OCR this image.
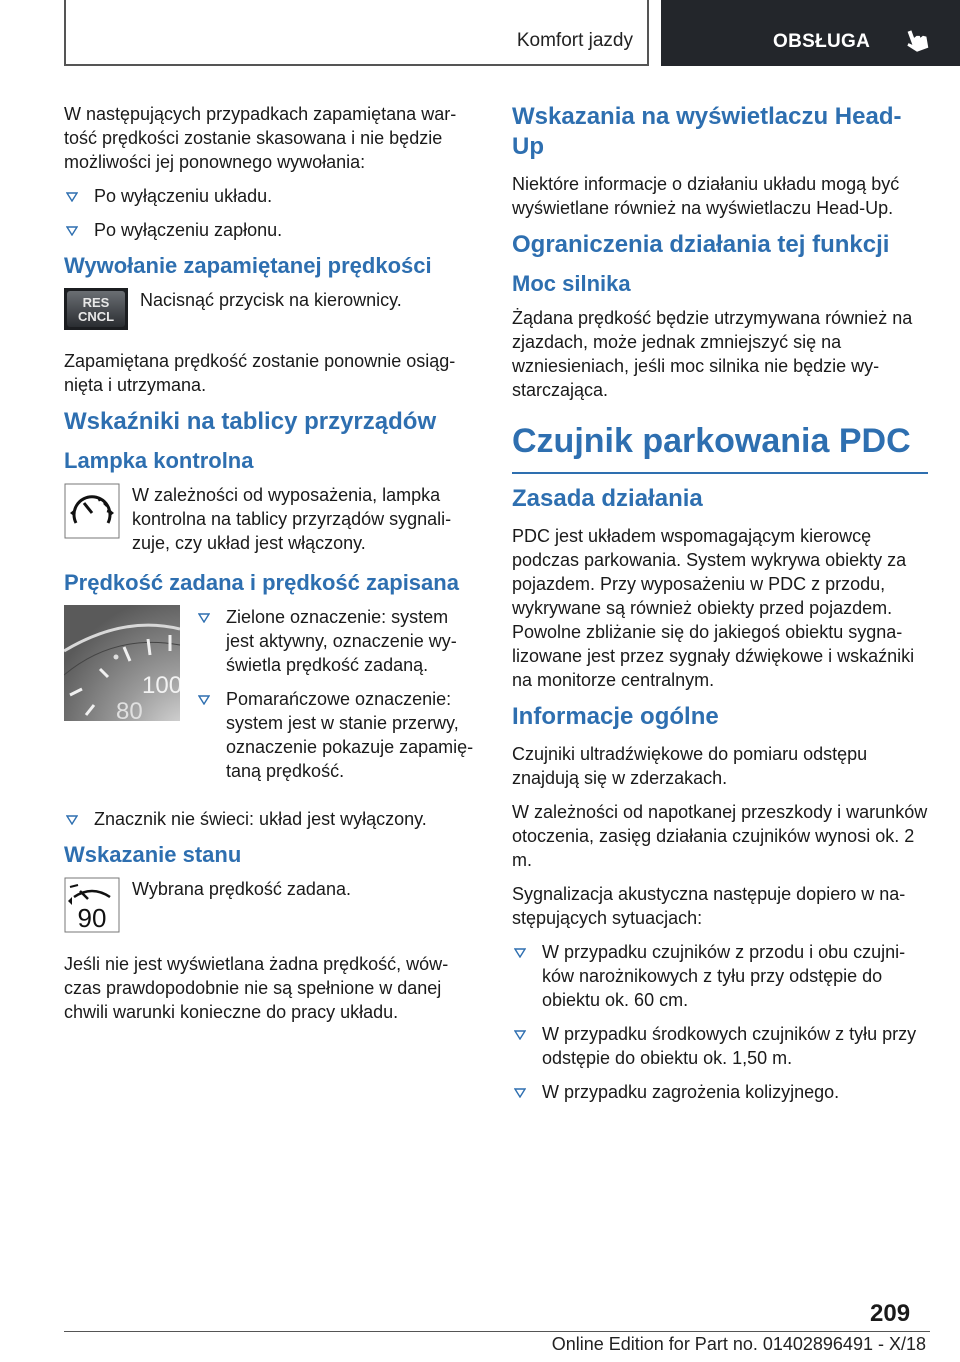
Komfort jazdy	OBSŁUGA

W następujących przypadkach zapamiętana wartość prędkości zostanie skasowana i nie będzie możliwości jej ponownego wywołania:

Po wyłączeniu układu.
Po wyłączeniu zapłonu.
Wywołanie zapamiętanej prędkości
RES
CNCL
Nacisnąć przycisk na kierownicy.

Zapamiętana prędkość zostanie ponownie osiągnięta i utrzymana.

Wskaźniki na tablicy przyrządów
Lampka kontrolna
W zależności od wyposażenia, lampka kontrolna na tablicy przyrządów sygnalizuje, czy układ jest włączony.
Prędkość zadana i prędkość zapisana
100
80
Zielone oznaczenie: system jest aktywny, oznaczenie wyświetla prędkość zadaną.
Pomarańczowe oznaczenie: system jest w stanie przerwy, oznaczenie pokazuje zapamiętaną prędkość.
Znacznik nie świeci: układ jest wyłączony.
Wskazanie stanu
90
Wybrana prędkość zadana.

Jeśli nie jest wyświetlana żadna prędkość, wówczas prawdopodobnie nie są spełnione w danej chwili warunki konieczne do pracy układu.

Wskazania na wyświetlaczu Head-Up

Niektóre informacje o działaniu układu mogą być wyświetlane również na wyświetlaczu Head-Up.

Ograniczenia działania tej funkcji
Moc silnika

Żądana prędkość będzie utrzymywana również na zjazdach, może jednak zmniejszyć się na wzniesieniach, jeśli moc silnika nie będzie wystarczająca.

Czujnik parkowania PDC
Zasada działania

PDC jest układem wspomagającym kierowcę podczas parkowania. System wykrywa obiekty za pojazdem. Przy wyposażeniu w PDC z przodu, wykrywane są również obiekty przed pojazdem. Powolne zbliżanie się do jakiegoś obiektu sygnalizowane jest przez sygnały dźwiękowe i wskaźniki na monitorze centralnym.

Informacje ogólne

Czujniki ultradźwiękowe do pomiaru odstępu znajdują się w zderzakach.

W zależności od napotkanej przeszkody i warunków otoczenia, zasięg działania czujników wynosi ok. 2 m.

Sygnalizacja akustyczna następuje dopiero w następujących sytuacjach:

W przypadku czujników z przodu i obu czujników narożnikowych z tyłu przy odstępie do obiektu ok. 60 cm.
W przypadku środkowych czujników z tyłu przy odstępie do obiektu ok. 1,50 m.
W przypadku zagrożenia kolizyjnego.
209
Online Edition for Part no. 01402896491 - X/18
